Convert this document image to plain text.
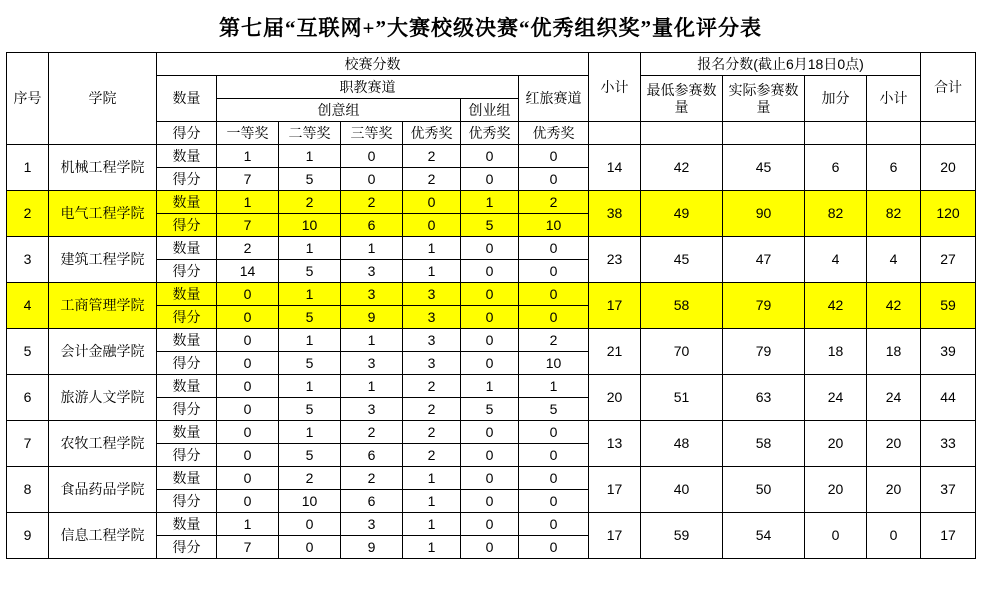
第七届“互联网+”大赛校级决赛“优秀组织奖”量化评分表
序号	学院	校赛分数							小计	报名分数(截止6月18日0点)				合计
		数量	职教赛道					红旅赛道		最低参赛数量	实际参赛数量	加分	小计	
			创意组				创业组							
		得分	一等奖	二等奖	三等奖	优秀奖	优秀奖	优秀奖						
1	机械工程学院	数量	1	1	0	2	0	0	14	42	45	6	6	20
		得分	7	5	0	2	0	0						
2	电气工程学院	数量	1	2	2	0	1	2	38	49	90	82	82	120
		得分	7	10	6	0	5	10						
3	建筑工程学院	数量	2	1	1	1	0	0	23	45	47	4	4	27
		得分	14	5	3	1	0	0						
4	工商管理学院	数量	0	1	3	3	0	0	17	58	79	42	42	59
		得分	0	5	9	3	0	0						
5	会计金融学院	数量	0	1	1	3	0	2	21	70	79	18	18	39
		得分	0	5	3	3	0	10						
6	旅游人文学院	数量	0	1	1	2	1	1	20	51	63	24	24	44
		得分	0	5	3	2	5	5						
7	农牧工程学院	数量	0	1	2	2	0	0	13	48	58	20	20	33
		得分	0	5	6	2	0	0						
8	食品药品学院	数量	0	2	2	1	0	0	17	40	50	20	20	37
		得分	0	10	6	1	0	0						
9	信息工程学院	数量	1	0	3	1	0	0	17	59	54	0	0	17
		得分	7	0	9	1	0	0						
